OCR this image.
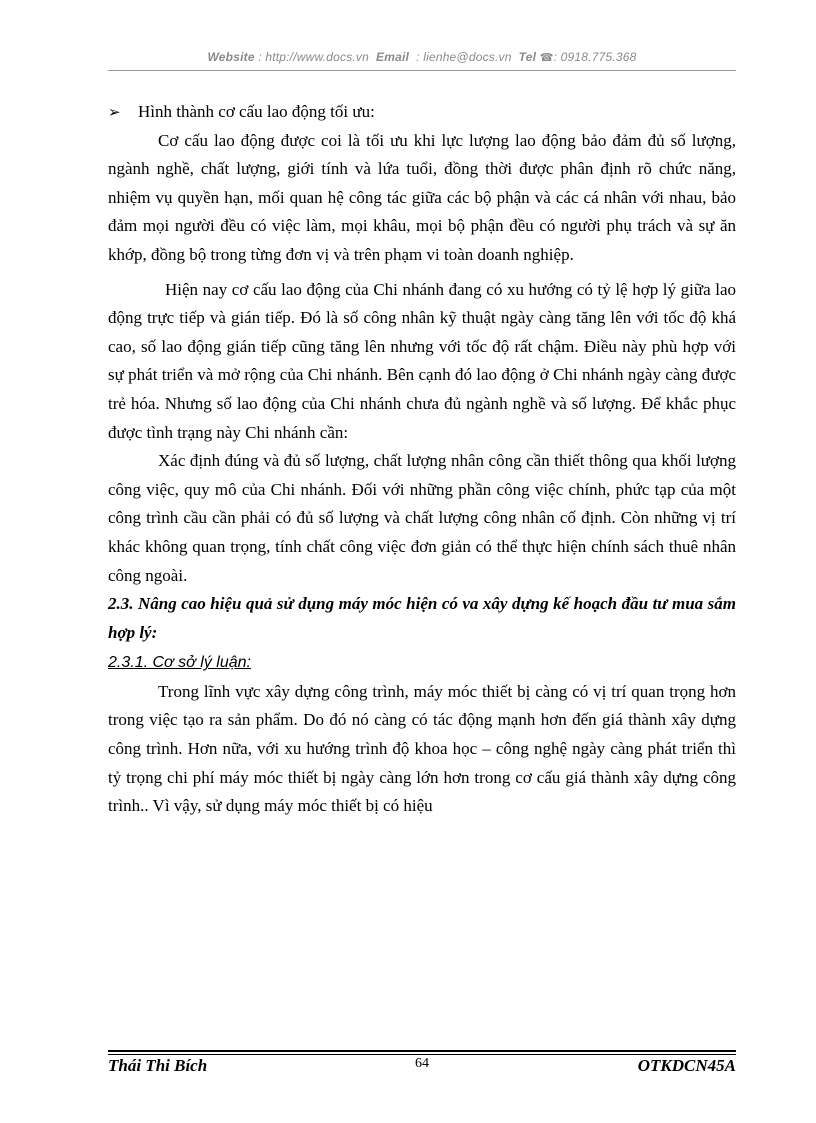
Website : http://www.docs.vn Email : lienhe@docs.vn Tel ☎: 0918.775.368

➢ Hình thành cơ cấu lao động tối ưu:

Cơ cấu lao động được coi là tối ưu khi lực lượng lao động bảo đảm đủ số lượng, ngành nghề, chất lượng, giới tính và lứa tuổi, đồng thời được phân định rõ chức năng, nhiệm vụ quyền hạn, mối quan hệ công tác giữa các bộ phận và các cá nhân với nhau, bảo đảm mọi người đều có việc làm, mọi khâu, mọi bộ phận đều có người phụ trách và sự ăn khớp, đồng bộ trong từng đơn vị và trên phạm vi toàn doanh nghiệp.

Hiện nay cơ cấu lao động của Chi nhánh đang có xu hướng có tỷ lệ hợp lý giữa lao động trực tiếp và gián tiếp. Đó là số công nhân kỹ thuật ngày càng tăng lên với tốc độ khá cao, số lao động gián tiếp cũng tăng lên nhưng với tốc độ rất chậm. Điều này phù hợp với sự phát triển và mở rộng của Chi nhánh. Bên cạnh đó lao động ở Chi nhánh ngày càng được trẻ hóa. Nhưng số lao động của Chi nhánh chưa đủ ngành nghề và số lượng. Để khắc phục được tình trạng này Chi nhánh cần:

Xác định đúng và đủ số lượng, chất lượng nhân công cần thiết thông qua khối lượng công việc, quy mô của Chi nhánh. Đối với những phần công việc chính, phức tạp của một công trình cầu cần phải có đủ số lượng và chất lượng công nhân cố định. Còn những vị trí khác không quan trọng, tính chất công việc đơn giản có thể thực hiện chính sách thuê nhân công ngoài.

2.3. Nâng cao hiệu quả sử dụng máy móc hiện có va xây dựng kế hoạch đầu tư mua sắm hợp lý:

2.3.1. Cơ sở lý luận:

Trong lĩnh vực xây dựng công trình, máy móc thiết bị càng có vị trí quan trọng hơn trong việc tạo ra sản phẩm. Do đó nó càng có tác động mạnh hơn đến giá thành xây dựng công trình. Hơn nữa, với xu hướng trình độ khoa học – công nghệ ngày càng phát triển thì tỷ trọng chi phí máy móc thiết bị ngày càng lớn hơn trong cơ cấu giá thành xây dựng công trình.. Vì vậy, sử dụng máy móc thiết bị có hiệu

Thái Thi Bích	64	OTKDCN45A
